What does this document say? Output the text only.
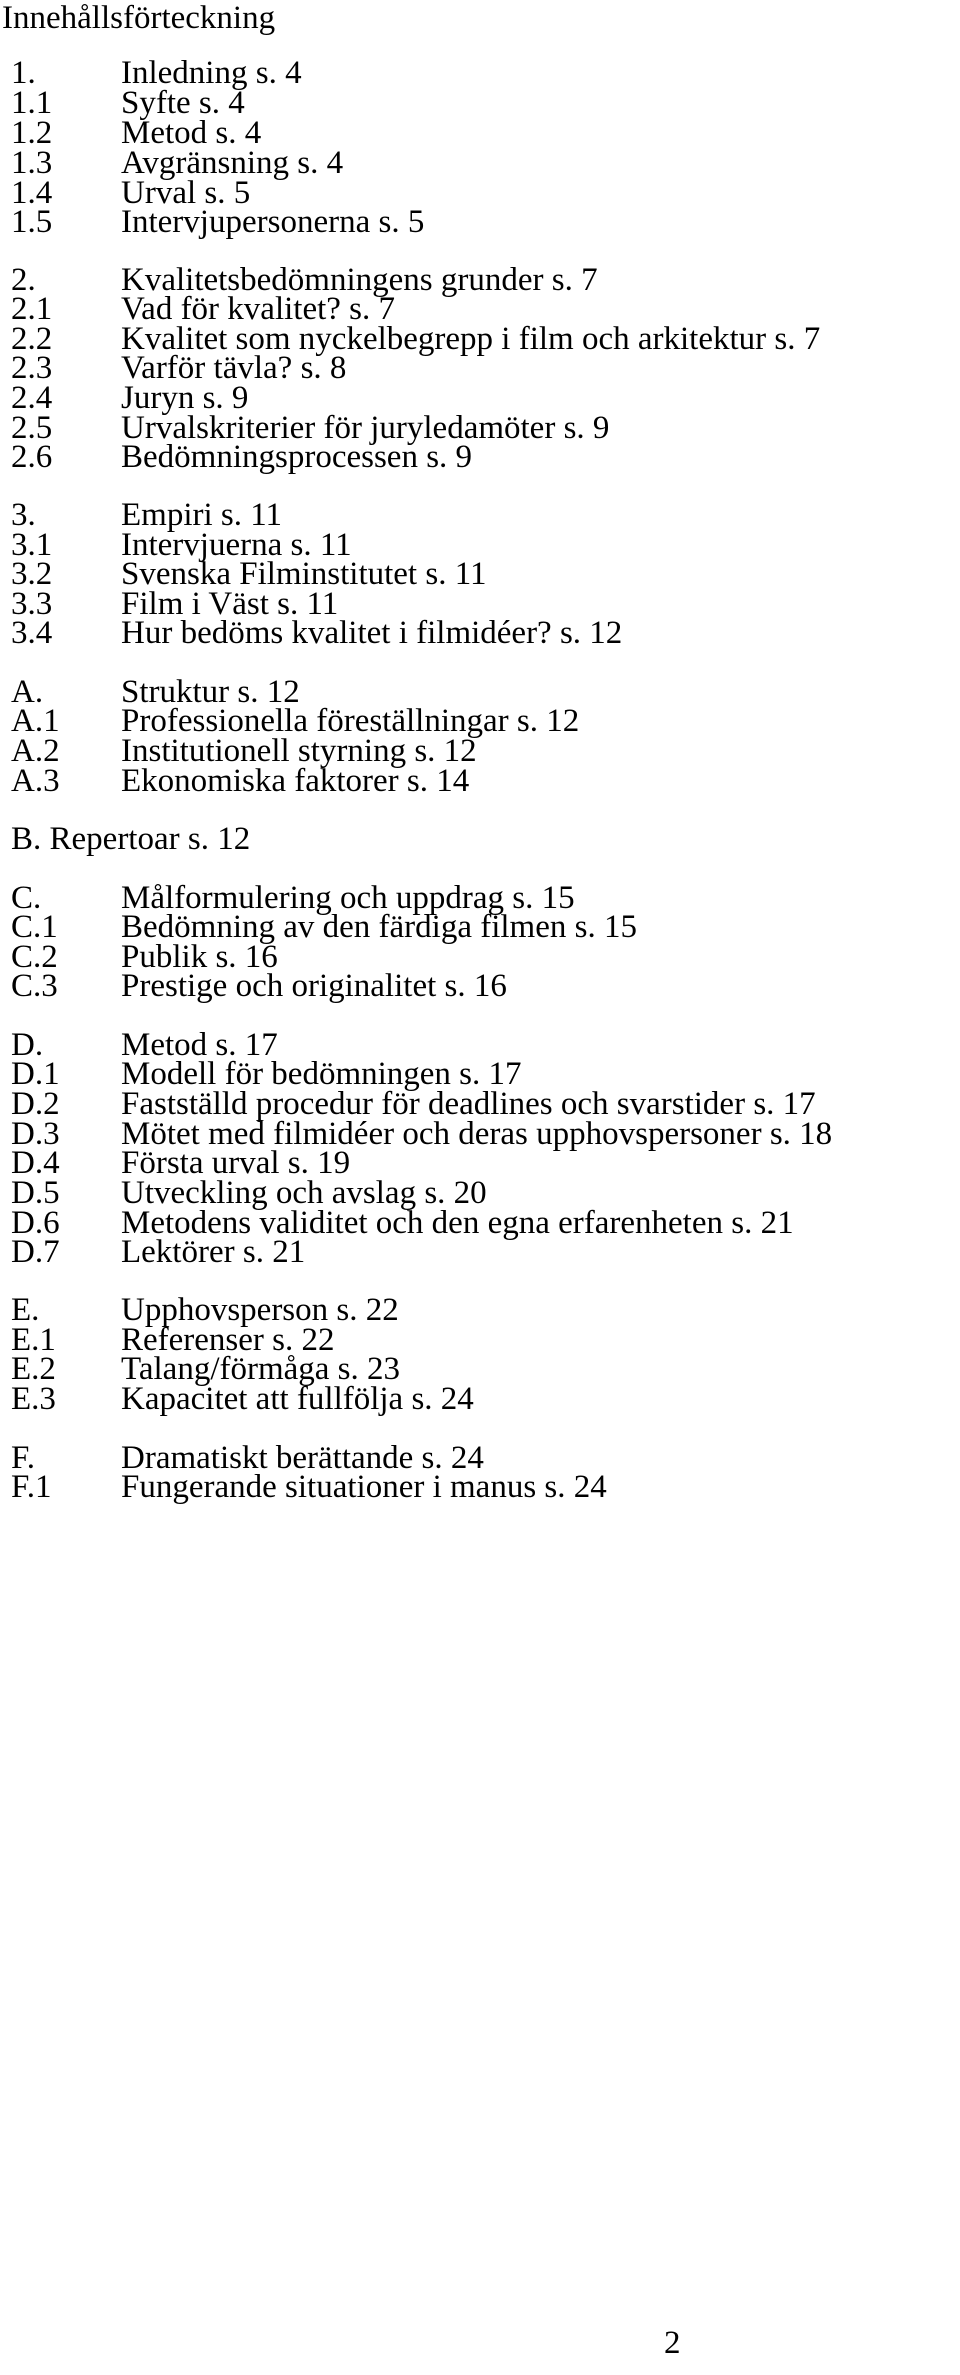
Innehållsförteckning
1.	Inledning s. 4
1.1 Syfte s. 4
1.2 Metod s. 4
1.3 Avgränsning s. 4
1.4 Urval s. 5
1.5 Intervjupersonerna s. 5
2.	Kvalitetsbedömningens grunder s. 7
2.1 Vad för kvalitet? s. 7
2.2 Kvalitet som nyckelbegrepp i film och arkitektur s. 7
2.3 Varför tävla? s. 8
2.4 Juryn s. 9
2.5 Urvalskriterier för juryledamöter s. 9
2.6 Bedömningsprocessen s. 9
3.	Empiri s. 11
3.1 Intervjuerna s. 11
3.2 Svenska Filminstitutet s. 11
3.3 Film i Väst s. 11
3.4 Hur bedöms kvalitet i filmidéer? s. 12
A. Struktur s. 12
A.1 Professionella föreställningar s. 12
A.2 Institutionell styrning s. 12
A.3 Ekonomiska faktorer s. 14
B. Repertoar s. 12
C. Målformulering och uppdrag s. 15
C.1 Bedömning av den färdiga filmen s. 15
C.2 Publik s. 16
C.3 Prestige och originalitet s. 16
D. Metod s. 17
D.1 Modell för bedömningen s. 17
D.2 Fastställd procedur för deadlines och svarstider s. 17
D.3 Mötet med filmidéer och deras upphovspersoner s. 18
D.4 Första urval s. 19
D.5 Utveckling och avslag s. 20
D.6 Metodens validitet och den egna erfarenheten s. 21
D.7 Lektörer s. 21
E. Upphovsperson s. 22
E.1 Referenser s. 22
E.2 Talang/förmåga s. 23
E.3 Kapacitet att fullfölja s. 24
F.	Dramatiskt berättande s. 24
F.1 Fungerande situationer i manus s. 24
2
